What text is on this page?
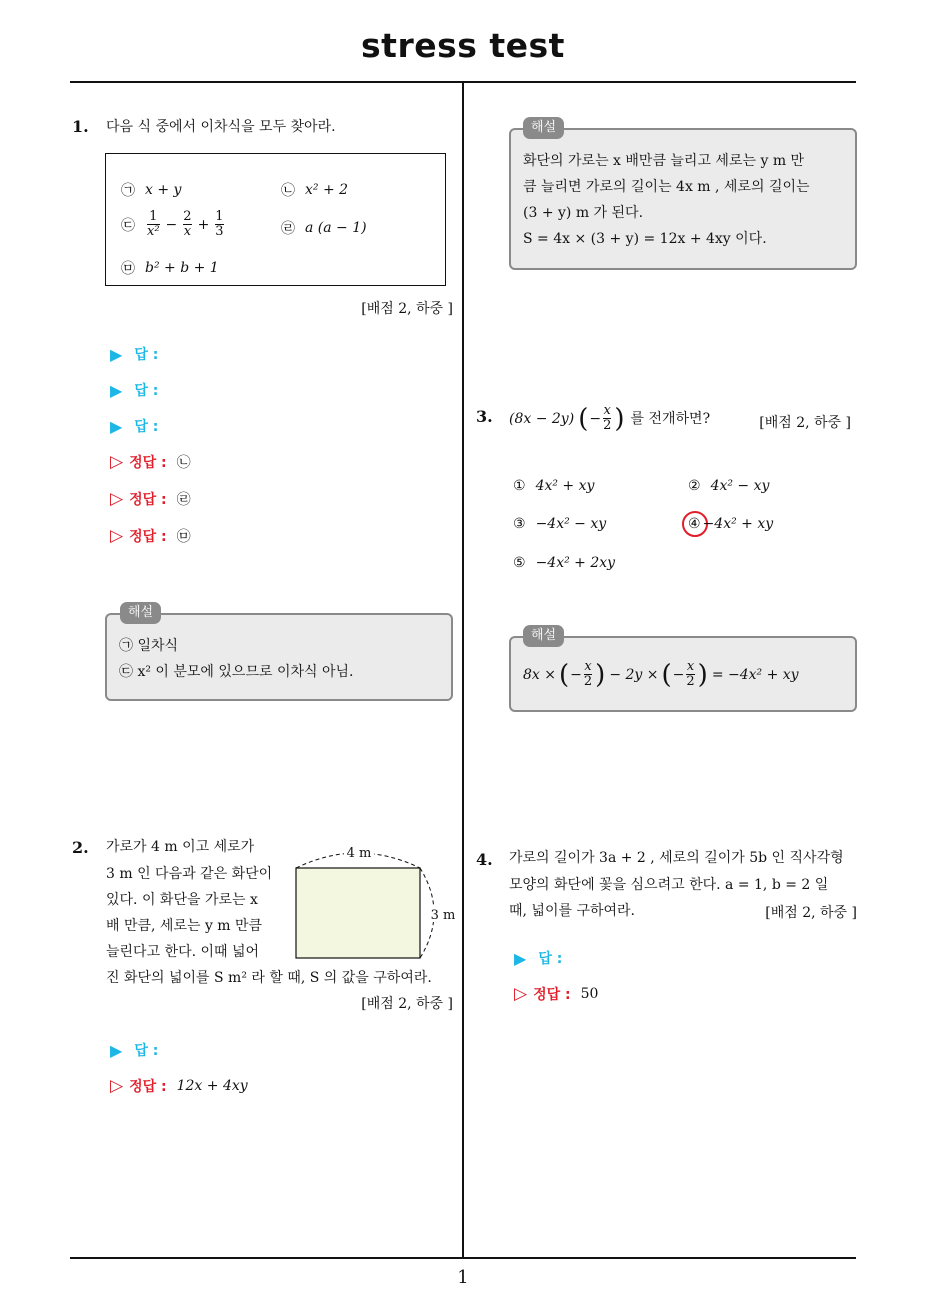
stress test
1
1. 다음 식 중에서 이차식을 모두 찾아라.
㉠ x + y	㉡ x² + 2
㉢ $\frac{1}{\text{x²}} - \frac{2}{x} + \frac{1}{3}$	㉣ a (a − 1)
㉤ b² + b + 1
[배점 2, 하중 ]
▶ 답 :
▶ 답 :
▶ 답 :
▷ 정답 : ㉡
▷ 정답 : ㉣
▷ 정답 : ㉤
㉠ 일차식
㉢ x² 이 분모에 있으므로 이차식 아님.
해설
2. 가로가 4 m 이고 세로가
3 m 인 다음과 같은 화단이
있다. 이 화단을 가로는 x
배 만큼, 세로는 y m 만큼
늘린다고 한다. 이때 넓어
진 화단의 넓이를 S m² 라 할 때, S 의 값을 구하여라.
4 m
3 m
[배점 2, 하중 ]
▶ 답 :
▷ 정답 : 12x + 4xy
화단의 가로는 x 배만큼 늘리고 세로는 y m 만
큼 늘리면 가로의 길이는 4x m , 세로의 길이는
(3 + y) m 가 된다.
S = 4x × (3 + y) = 12x + 4xy 이다.
해설
3. (8x − 2y) ( − $\frac{x}{2}$ ) 를 전개하면?	[배점 2, 하중 ]
① 4x² + xy	② 4x² − xy
③ −4x² − xy	④ −4x² + xy
⑤ −4x² + 2xy
8x × ( − $\frac{x}{2}$ ) − 2y × ( − $\frac{x}{2}$ ) = −4x² + xy
해설
4. 가로의 길이가 3a + 2 , 세로의 길이가 5b 인 직사각형
모양의 화단에 꽃을 심으려고 한다. a = 1, b = 2 일
때, 넓이를 구하여라.	[배점 2, 하중 ]
▶ 답 :
▷ 정답 : 50
